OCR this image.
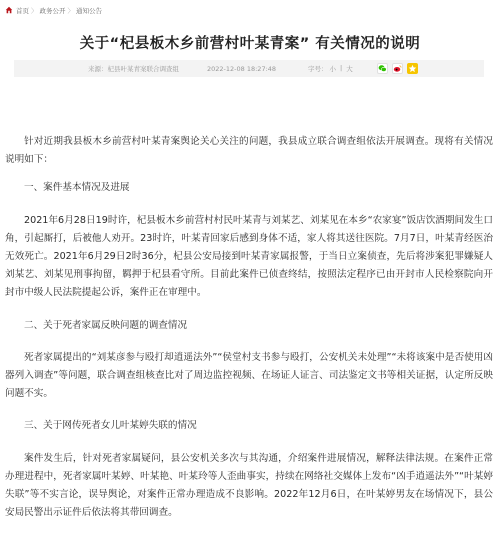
首页 〉 政务公开 〉 通知公告
关于“杞县板木乡前营村叶某青案” 有关情况的说明
来源：杞县叶某青案联合调查组	2022-12-08 18:27:48	字号： 小 | 大

针对近期我县板木乡前营村叶某青案舆论关心关注的问题，我县成立联合调查组依法开展调查。现将有关情况说明如下：

一、案件基本情况及进展

2021年6月28日19时许，杞县板木乡前营村村民叶某青与刘某艺、刘某见在本乡“农家宴”饭店饮酒期间发生口角，引起厮打，后被他人劝开。23时许，叶某青回家后感到身体不适，家人将其送往医院。7月7日，叶某青经医治无效死亡。2021年6月29日2时36分，杞县公安局接到叶某青家属报警，于当日立案侦查，先后将涉案犯罪嫌疑人刘某艺、刘某见刑事拘留，羁押于杞县看守所。目前此案件已侦查终结，按照法定程序已由开封市人民检察院向开封市中级人民法院提起公诉，案件正在审理中。

二、关于死者家属反映问题的调查情况

死者家属提出的“刘某彦参与殴打却逍遥法外”“侯堂村支书参与殴打，公安机关未处理”“未将该案中是否使用凶器列入调查”等问题，联合调查组核查比对了周边监控视频、在场证人证言、司法鉴定文书等相关证据，认定所反映问题不实。

三、关于网传死者女儿叶某婷失联的情况

案件发生后，针对死者家属疑问，县公安机关多次与其沟通，介绍案件进展情况，解释法律法规。在案件正常办理进程中，死者家属叶某婷、叶某艳、叶某玲等人歪曲事实，持续在网络社交媒体上发布“凶手逍遥法外”“叶某婷失联”等不实言论，误导舆论，对案件正常办理造成不良影响。2022年12月6日，在叶某婷男友在场情况下，县公安局民警出示证件后依法将其带回调查。
